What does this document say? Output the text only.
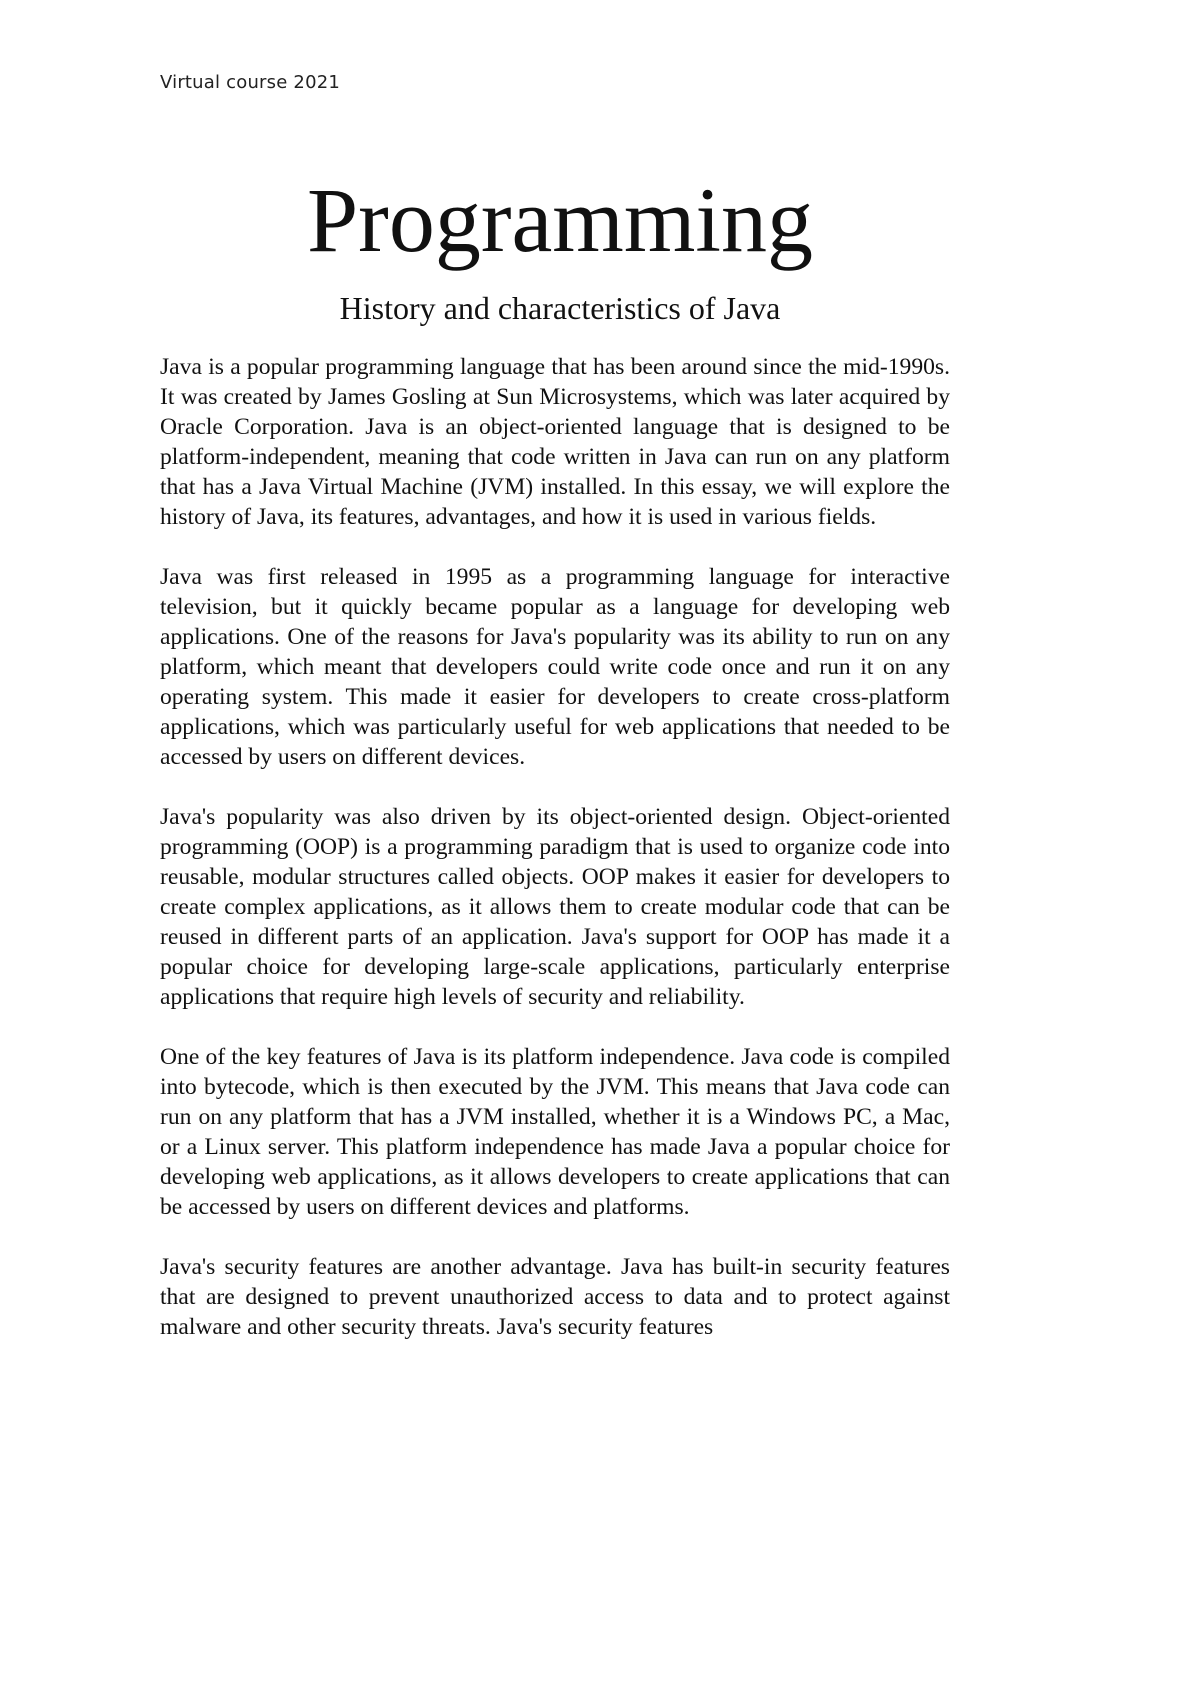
Virtual course 2021
Programming
History and characteristics of Java

Java is a popular programming language that has been around since the mid-1990s. It was created by James Gosling at Sun Microsystems, which was later acquired by Oracle Corporation. Java is an object-oriented language that is designed to be platform-independent, meaning that code written in Java can run on any platform that has a Java Virtual Machine (JVM) installed. In this essay, we will explore the history of Java, its features, advantages, and how it is used in various fields.

Java was first released in 1995 as a programming language for interactive television, but it quickly became popular as a language for developing web applications. One of the reasons for Java's popularity was its ability to run on any platform, which meant that developers could write code once and run it on any operating system. This made it easier for developers to create cross-platform applications, which was particularly useful for web applications that needed to be accessed by users on different devices.

Java's popularity was also driven by its object-oriented design. Object-oriented programming (OOP) is a programming paradigm that is used to organize code into reusable, modular structures called objects. OOP makes it easier for developers to create complex applications, as it allows them to create modular code that can be reused in different parts of an application. Java's support for OOP has made it a popular choice for developing large-scale applications, particularly enterprise applications that require high levels of security and reliability.

One of the key features of Java is its platform independence. Java code is compiled into bytecode, which is then executed by the JVM. This means that Java code can run on any platform that has a JVM installed, whether it is a Windows PC, a Mac, or a Linux server. This platform independence has made Java a popular choice for developing web applications, as it allows developers to create applications that can be accessed by users on different devices and platforms.

Java's security features are another advantage. Java has built-in security features that are designed to prevent unauthorized access to data and to protect against malware and other security threats. Java's security features
